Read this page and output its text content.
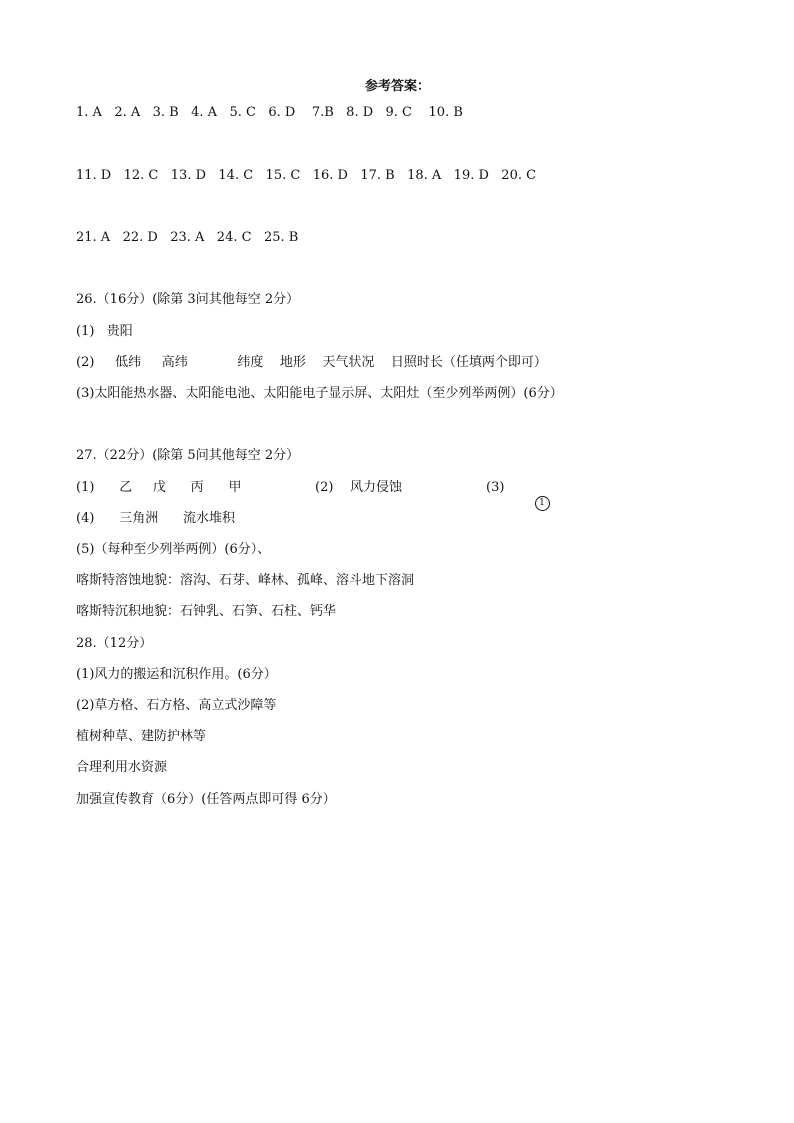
参考答案：
1. A   2. A   3. B   4. A   5. C   6. D    7.B   8. D   9. C    10. B
11. D   12. C   13. D   14. C   15. C   16. D   17. B   18. A   19. D   20. C
21. A   22. D   23. A   24. C   25. B
26.（16分）(除第 3问其他每空 2分）
(1)   贵阳
(2)     低纬     高纬            纬度    地形    天气状况    日照时长（任填两个即可）
(3)太阳能热水器、太阳能电池、太阳能电子显示屏、太阳灶（至少列举两例）(6分）
27.（22分）(除第 5问其他每空 2分）
(1)      乙     戊      丙      甲	(2)    风力侵蚀	(3)

1

(4)      三角洲      流水堆积
(5)（每种至少列举两例）(6分）、
喀斯特溶蚀地貌：溶沟、石芽、峰林、孤峰、溶斗地下溶洞
喀斯特沉积地貌：石钟乳、石笋、石柱、钙华
28.（12分）
(1)风力的搬运和沉积作用。(6分）
(2)草方格、石方格、高立式沙障等
植树种草、建防护林等
合理利用水资源
加强宣传教育（6分）(任答两点即可得 6分）
